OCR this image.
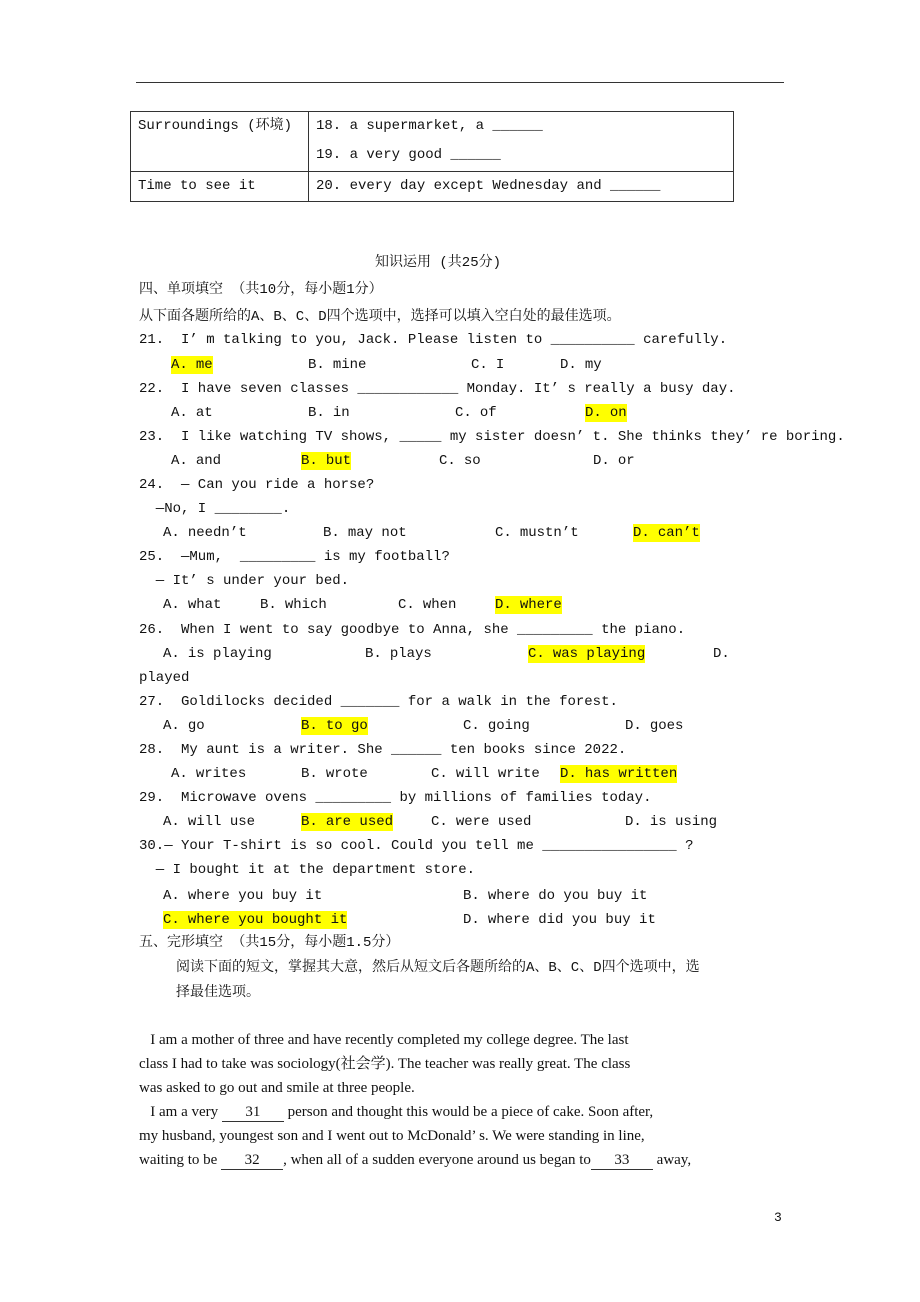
Surroundings (环境)	18. a supermarket, a ______
19. a very good ______

Time to see it	20. every day except Wednesday and ______
知识运用 (共25分)
四、单项填空 （共10分，每小题1分）
从下面各题所给的A、B、C、D四个选项中，选择可以填入空白处的最佳选项。
21.  I’ m talking to you, Jack. Please listen to __________ carefully.
A. me	B. mine	C. I	D. my
22.  I have seven classes ____________ Monday. It’ s really a busy day.
A. at	B. in	C. of	D. on
23.  I like watching TV shows, _____ my sister doesn’ t. She thinks they’ re boring.
A. and	B. but	C. so	D. or
24.  — Can you ride a horse?
—No, I ________.
A. needn’t	B. may not	C. mustn’t	D. can’t
25.  —Mum,  _________ is my football?
— It’ s under your bed.
A. what	B. which	C. when	D. where
26.  When I went to say goodbye to Anna, she _________ the piano.
A. is playing	B. plays	C. was playing	D.
played
27.  Goldilocks decided _______ for a walk in the forest.
A. go	B. to go	C. going	D. goes
28.  My aunt is a writer. She ______ ten books since 2022.
A. writes	B. wrote	C. will write D. has written
29.  Microwave ovens _________ by millions of families today.
A. will use	B. are used	C. were used	D. is using
30.— Your T-shirt is so cool. Could you tell me ________________ ?
— I bought it at the department store.
A. where you buy it	B. where do you buy it
C. where you bought it	D. where did you buy it
五、完形填空 （共15分，每小题1.5分）
阅读下面的短文，掌握其大意，然后从短文后各题所给的A、B、C、D四个选项中，选
择最佳选项。
I am a mother of three and have recently completed my college degree. The last
class I had to take was sociology(社会学). The teacher was really great. The class
was asked to go out and smile at three people.
I am a very 31 person and thought this would be a piece of cake. Soon after,
my husband, youngest son and I went out to McDonald’ s. We were standing in line,
waiting to be 32 , when all of a sudden everyone around us began to 33 away,
3
